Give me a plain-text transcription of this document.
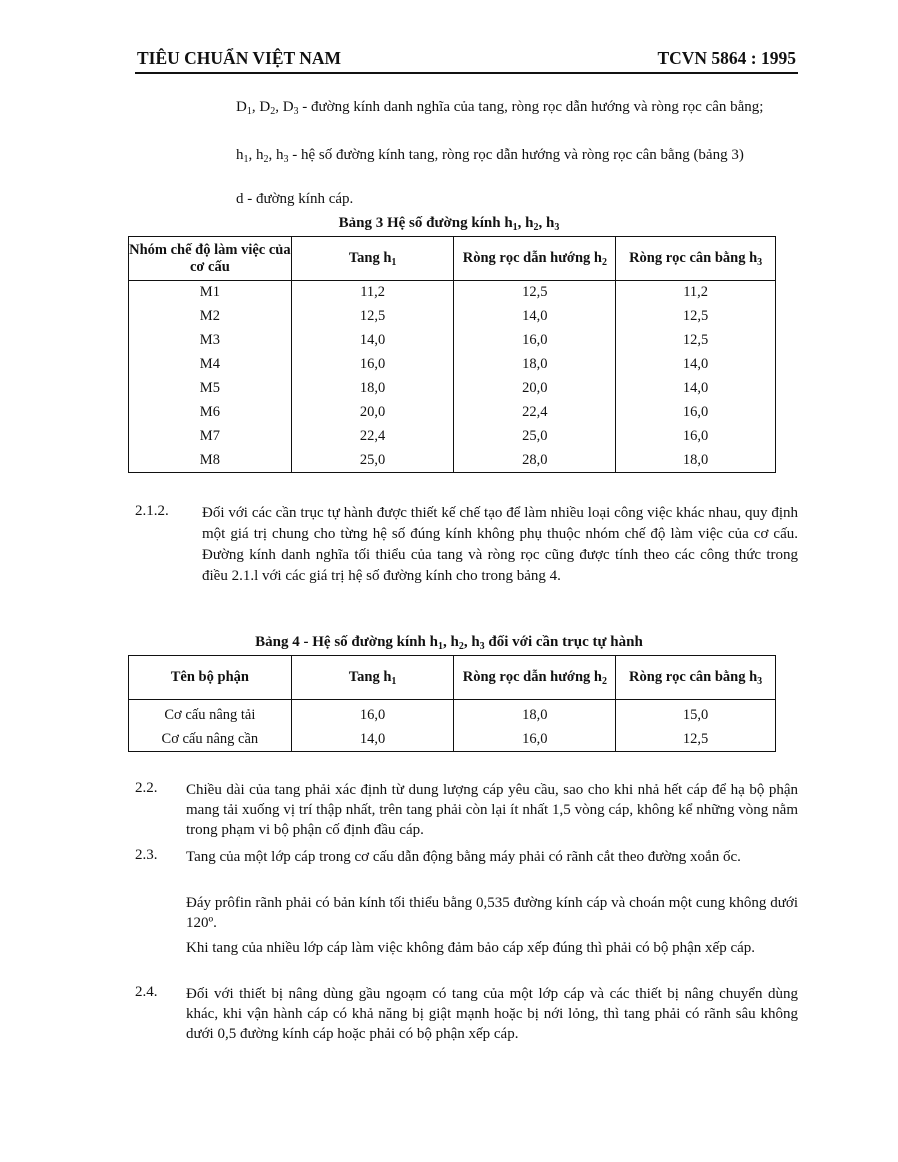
TIÊU CHUẨN VIỆT NAM	TCVN 5864 : 1995
$D_1$, $D_2$, $D_3$ - đường kính danh nghĩa của tang, ròng rọc dẫn hướng và ròng rọc cân bằng;
$h_1$, $h_2$, $h_3$ - hệ số đường kính tang, ròng rọc dẫn hướng và ròng rọc cân bằng (bảng 3)
d - đường kính cáp.
Bảng 3 Hệ số đường kính $h_1$, $h_2$, $h_3$
Nhóm chế độ làm việc của cơ cấu	Tang $h_1$	Ròng rọc dẫn hướng $h_2$	Ròng rọc cân bằng $h_3$
M1	11,2	12,5	11,2
M2	12,5	14,0	12,5
M3	14,0	16,0	12,5
M4	16,0	18,0	14,0
M5	18,0	20,0	14,0
M6	20,0	22,4	16,0
M7	22,4	25,0	16,0
M8	25,0	28,0	18,0
2.1.2. Đối với các cần trục tự hành được thiết kế chế tạo để làm nhiều loại công việc khác nhau, quy định một giá trị chung cho từng hệ số đúng kính không phụ thuộc nhóm chế độ làm việc của cơ cấu. Đường kính danh nghĩa tối thiểu của tang và ròng rọc cũng được tính theo các công thức trong điều 2.1.l với các giá trị hệ số đường kính cho trong bảng 4.
Bảng 4 - Hệ số đường kính $h_1$, $h_2$, $h_3$ đối với cần trục tự hành
Tên bộ phận	Tang $h_1$	Ròng rọc dẫn hướng $h_2$	Ròng rọc cân bằng $h_3$
Cơ cấu nâng tải	16,0	18,0	15,0
Cơ cấu nâng cần	14,0	16,0	12,5
2.2. Chiều dài của tang phải xác định từ dung lượng cáp yêu cầu, sao cho khi nhả hết cáp để hạ bộ phận mang tải xuống vị trí thập nhất, trên tang phải còn lại ít nhất 1,5 vòng cáp, không kể những vòng nằm trong phạm vi bộ phận cố định đầu cáp.
2.3. Tang của một lớp cáp trong cơ cấu dẫn động bằng máy phải có rãnh cắt theo đường xoắn ốc.
Đáy prôfin rãnh phải có bản kính tối thiểu bằng 0,535 đường kính cáp và choán một cung không dưới 120º.
Khi tang của nhiều lớp cáp làm việc không đảm bảo cáp xếp đúng thì phải có bộ phận xếp cáp.
2.4. Đối với thiết bị nâng dùng gầu ngoạm có tang của một lớp cáp và các thiết bị nâng chuyển dùng khác, khi vận hành cáp có khả năng bị giật mạnh hoặc bị nới lỏng, thì tang phải có rãnh sâu không dưới 0,5 đường kính cáp hoặc phải có bộ phận xếp cáp.
